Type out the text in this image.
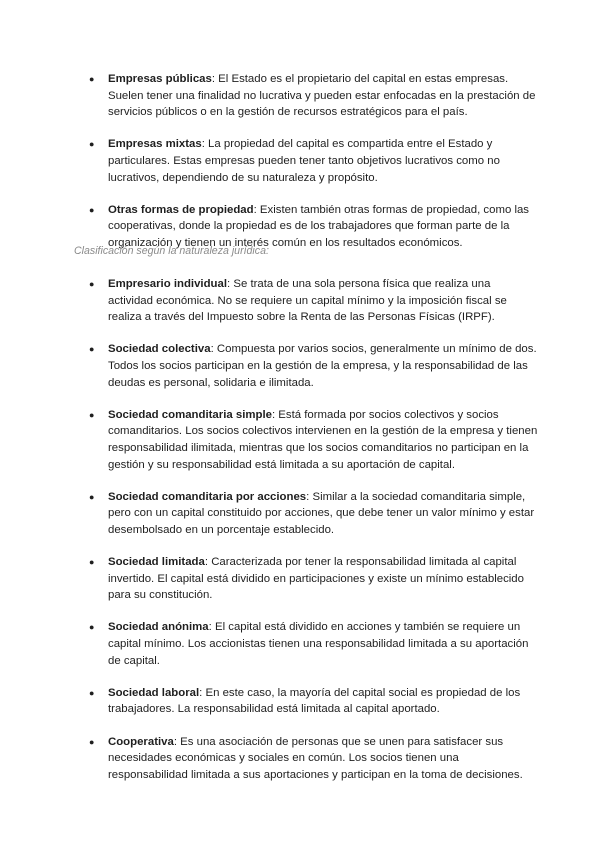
● Empresas públicas: El Estado es el propietario del capital en estas empresas. Suelen tener una finalidad no lucrativa y pueden estar enfocadas en la prestación de servicios públicos o en la gestión de recursos estratégicos para el país.
● Empresas mixtas: La propiedad del capital es compartida entre el Estado y particulares. Estas empresas pueden tener tanto objetivos lucrativos como no lucrativos, dependiendo de su naturaleza y propósito.
● Otras formas de propiedad: Existen también otras formas de propiedad, como las cooperativas, donde la propiedad es de los trabajadores que forman parte de la organización y tienen un interés común en los resultados económicos.

Clasificación según la naturaleza jurídica:

● Empresario individual: Se trata de una sola persona física que realiza una actividad económica. No se requiere un capital mínimo y la imposición fiscal se realiza a través del Impuesto sobre la Renta de las Personas Físicas (IRPF).
● Sociedad colectiva: Compuesta por varios socios, generalmente un mínimo de dos. Todos los socios participan en la gestión de la empresa, y la responsabilidad de las deudas es personal, solidaria e ilimitada.
● Sociedad comanditaria simple: Está formada por socios colectivos y socios comanditarios. Los socios colectivos intervienen en la gestión de la empresa y tienen responsabilidad ilimitada, mientras que los socios comanditarios no participan en la gestión y su responsabilidad está limitada a su aportación de capital.
● Sociedad comanditaria por acciones: Similar a la sociedad comanditaria simple, pero con un capital constituido por acciones, que debe tener un valor mínimo y estar desembolsado en un porcentaje establecido.
● Sociedad limitada: Caracterizada por tener la responsabilidad limitada al capital invertido. El capital está dividido en participaciones y existe un mínimo establecido para su constitución.
● Sociedad anónima: El capital está dividido en acciones y también se requiere un capital mínimo. Los accionistas tienen una responsabilidad limitada a su aportación de capital.
● Sociedad laboral: En este caso, la mayoría del capital social es propiedad de los trabajadores. La responsabilidad está limitada al capital aportado.
● Cooperativa: Es una asociación de personas que se unen para satisfacer sus necesidades económicas y sociales en común. Los socios tienen una responsabilidad limitada a sus aportaciones y participan en la toma de decisiones.
